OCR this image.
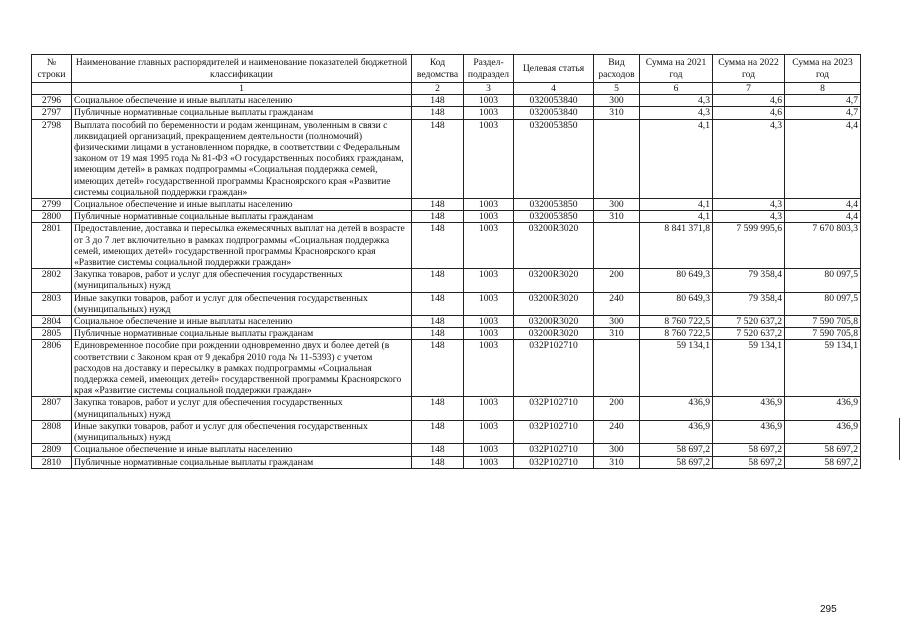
№ строки	Наименование главных распорядителей и наименование показателей бюджетной классификации	Код ведомства	Раздел-подраздел	Целевая статья	Вид расходов	Сумма на 2021 год	Сумма на 2022 год	Сумма на 2023 год
	1	2	3	4	5	6	7	8
2796	Социальное обеспечение и иные выплаты населению	148	1003	0320053840	300	4,3	4,6	4,7
2797	Публичные нормативные социальные выплаты гражданам	148	1003	0320053840	310	4,3	4,6	4,7
2798	Выплата пособий по беременности и родам женщинам, уволенным в связи с ликвидацией организаций, прекращением деятельности (полномочий) физическими лицами в установленном порядке, в соответствии с Федеральным законом от 19 мая 1995 года № 81-ФЗ «О государственных пособиях гражданам, имеющим детей» в рамках подпрограммы «Социальная поддержка семей, имеющих детей» государственной программы Красноярского края «Развитие системы социальной поддержки граждан»	148	1003	0320053850		4,1	4,3	4,4
2799	Социальное обеспечение и иные выплаты населению	148	1003	0320053850	300	4,1	4,3	4,4
2800	Публичные нормативные социальные выплаты гражданам	148	1003	0320053850	310	4,1	4,3	4,4
2801	Предоставление, доставка и пересылка ежемесячных выплат на детей в возрасте от 3 до 7 лет включительно в рамках подпрограммы «Социальная поддержка семей, имеющих детей» государственной программы Красноярского края «Развитие системы социальной поддержки граждан»	148	1003	03200R3020		8 841 371,8	7 599 995,6	7 670 803,3
2802	Закупка товаров, работ и услуг для обеспечения государственных (муниципальных) нужд	148	1003	03200R3020	200	80 649,3	79 358,4	80 097,5
2803	Иные закупки товаров, работ и услуг для обеспечения государственных (муниципальных) нужд	148	1003	03200R3020	240	80 649,3	79 358,4	80 097,5
2804	Социальное обеспечение и иные выплаты населению	148	1003	03200R3020	300	8 760 722,5	7 520 637,2	7 590 705,8
2805	Публичные нормативные социальные выплаты гражданам	148	1003	03200R3020	310	8 760 722,5	7 520 637,2	7 590 705,8
2806	Единовременное пособие при рождении одновременно двух и более детей (в соответствии с Законом края от 9 декабря 2010 года № 11-5393) с учетом расходов на доставку и пересылку в рамках подпрограммы «Социальная поддержка семей, имеющих детей» государственной программы Красноярского края «Развитие системы социальной поддержки граждан»	148	1003	032P102710		59 134,1	59 134,1	59 134,1
2807	Закупка товаров, работ и услуг для обеспечения государственных (муниципальных) нужд	148	1003	032P102710	200	436,9	436,9	436,9
2808	Иные закупки товаров, работ и услуг для обеспечения государственных (муниципальных) нужд	148	1003	032P102710	240	436,9	436,9	436,9
2809	Социальное обеспечение и иные выплаты населению	148	1003	032P102710	300	58 697,2	58 697,2	58 697,2
2810	Публичные нормативные социальные выплаты гражданам	148	1003	032P102710	310	58 697,2	58 697,2	58 697,2
295
